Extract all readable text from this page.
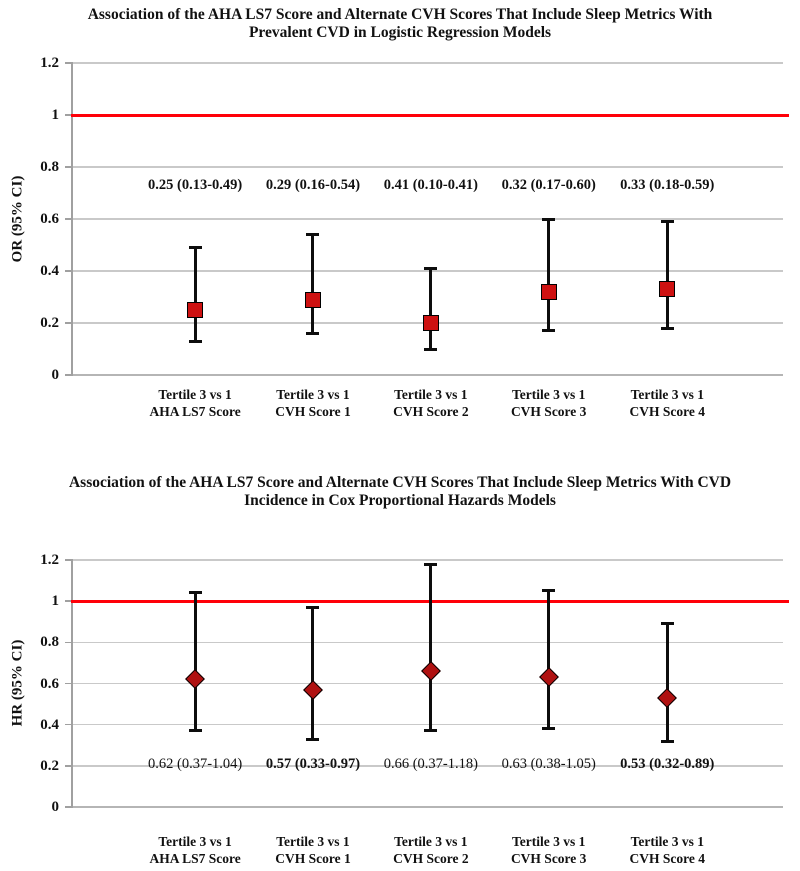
Association of the AHA LS7 Score and Alternate CVH Scores That Include Sleep Metrics With Prevalent CVD in Logistic Regression Models
OR (95% CI)
0
0.2
0.4
0.6
0.8
1
1.2
0.25 (0.13-0.49)
Tertile 3 vs 1
AHA LS7 Score
0.29 (0.16-0.54)
Tertile 3 vs 1
CVH Score 1
0.41 (0.10-0.41)
Tertile 3 vs 1
CVH Score 2
0.32 (0.17-0.60)
Tertile 3 vs 1
CVH Score 3
0.33 (0.18-0.59)
Tertile 3 vs 1
CVH Score 4
Association of the AHA LS7 Score and Alternate CVH Scores That Include Sleep Metrics With CVD Incidence in Cox Proportional Hazards Models
HR (95% CI)
0
0.2
0.4
0.6
0.8
1
1.2
0.62 (0.37-1.04)
Tertile 3 vs 1
AHA LS7 Score
0.57 (0.33-0.97)
Tertile 3 vs 1
CVH Score 1
0.66 (0.37-1.18)
Tertile 3 vs 1
CVH Score 2
0.63 (0.38-1.05)
Tertile 3 vs 1
CVH Score 3
0.53 (0.32-0.89)
Tertile 3 vs 1
CVH Score 4
